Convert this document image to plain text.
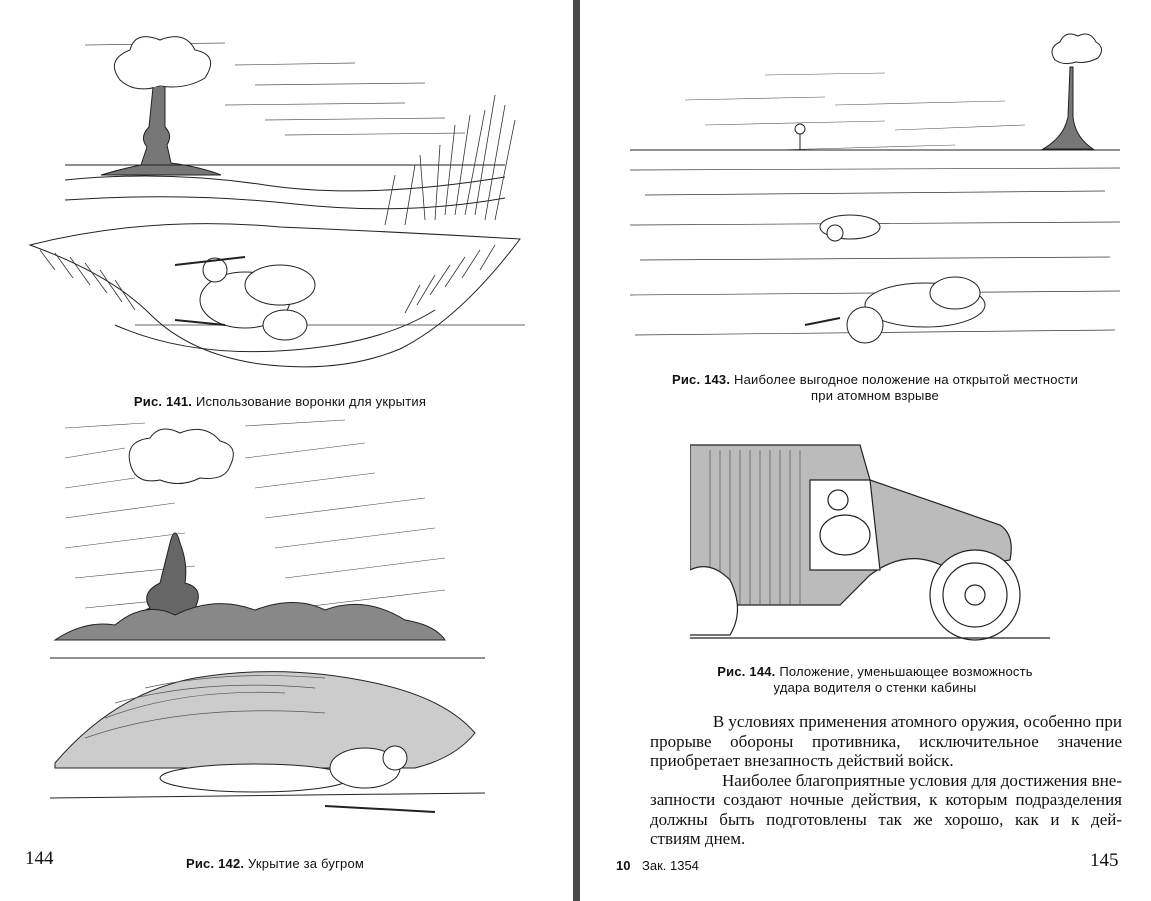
Рис. 141. Использование воронки для укрытия
144	Рис. 142. Укрытие за бугром
Рис. 143. Наиболее выгодное положение на открытой местности
при атомном взрыве
Рис. 144. Положение, уменьшающее возможность
удара водителя о стенки кабины
В условиях применения атомного оружия, особенно при
прорыве обороны противника, исключительное значение
приобретает внезапность действий войск.
Наиболее благоприятные условия для достижения вне-
запности создают ночные действия, к которым подразделения
должны быть подготовлены так же хорошо, как и к дей-
ствиям днем.
10 Зак. 1354	145
